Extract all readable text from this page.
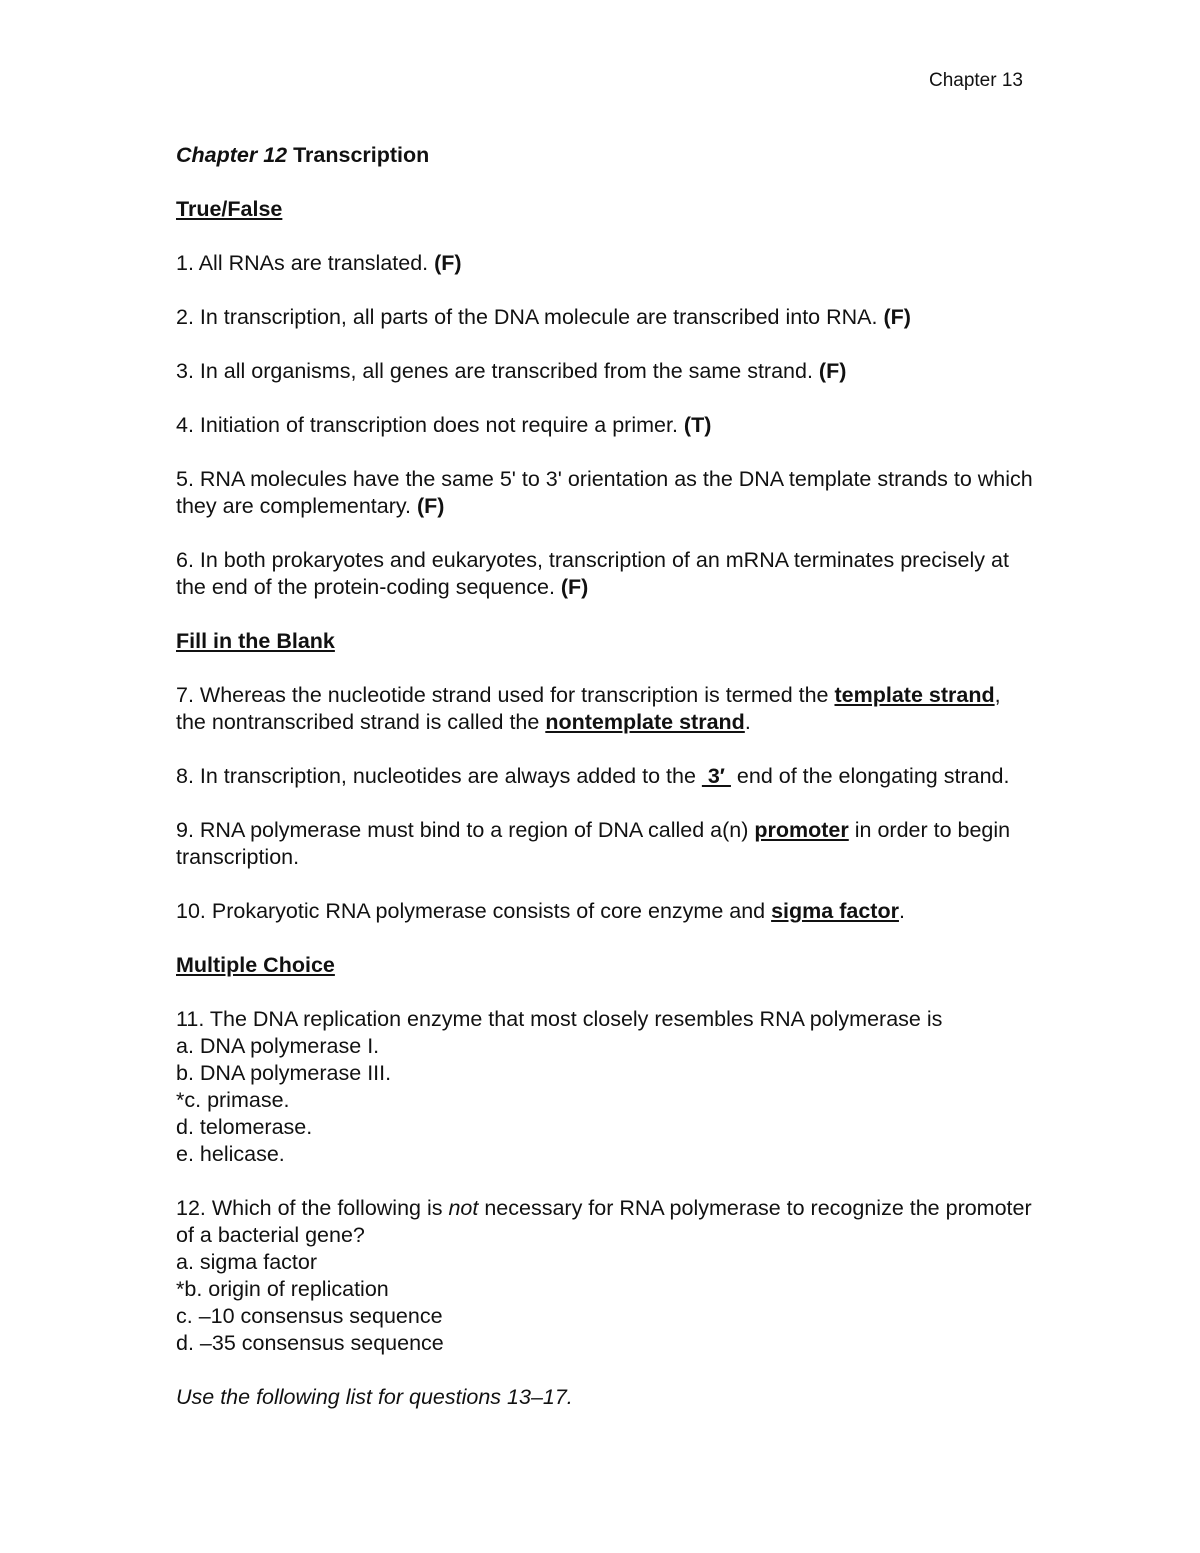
Chapter 13

Chapter 12 Transcription

True/False

1. All RNAs are translated. (F)

2. In transcription, all parts of the DNA molecule are transcribed into RNA. (F)

3. In all organisms, all genes are transcribed from the same strand. (F)

4. Initiation of transcription does not require a primer. (T)

5. RNA molecules have the same 5' to 3' orientation as the DNA template strands to which they are complementary. (F)

6. In both prokaryotes and eukaryotes, transcription of an mRNA terminates precisely at the end of the protein-coding sequence. (F)

Fill in the Blank

7. Whereas the nucleotide strand used for transcription is termed the template strand, the nontranscribed strand is called the nontemplate strand.

8. In transcription, nucleotides are always added to the  3′  end of the elongating strand.

9. RNA polymerase must bind to a region of DNA called a(n) promoter in order to begin transcription.

10. Prokaryotic RNA polymerase consists of core enzyme and sigma factor.

Multiple Choice

11. The DNA replication enzyme that most closely resembles RNA polymerase is
a. DNA polymerase I.
b. DNA polymerase III.
*c. primase.
d. telomerase.
e. helicase.

12. Which of the following is not necessary for RNA polymerase to recognize the promoter of a bacterial gene?
a. sigma factor
*b. origin of replication
c. –10 consensus sequence
d. –35 consensus sequence

Use the following list for questions 13–17.
